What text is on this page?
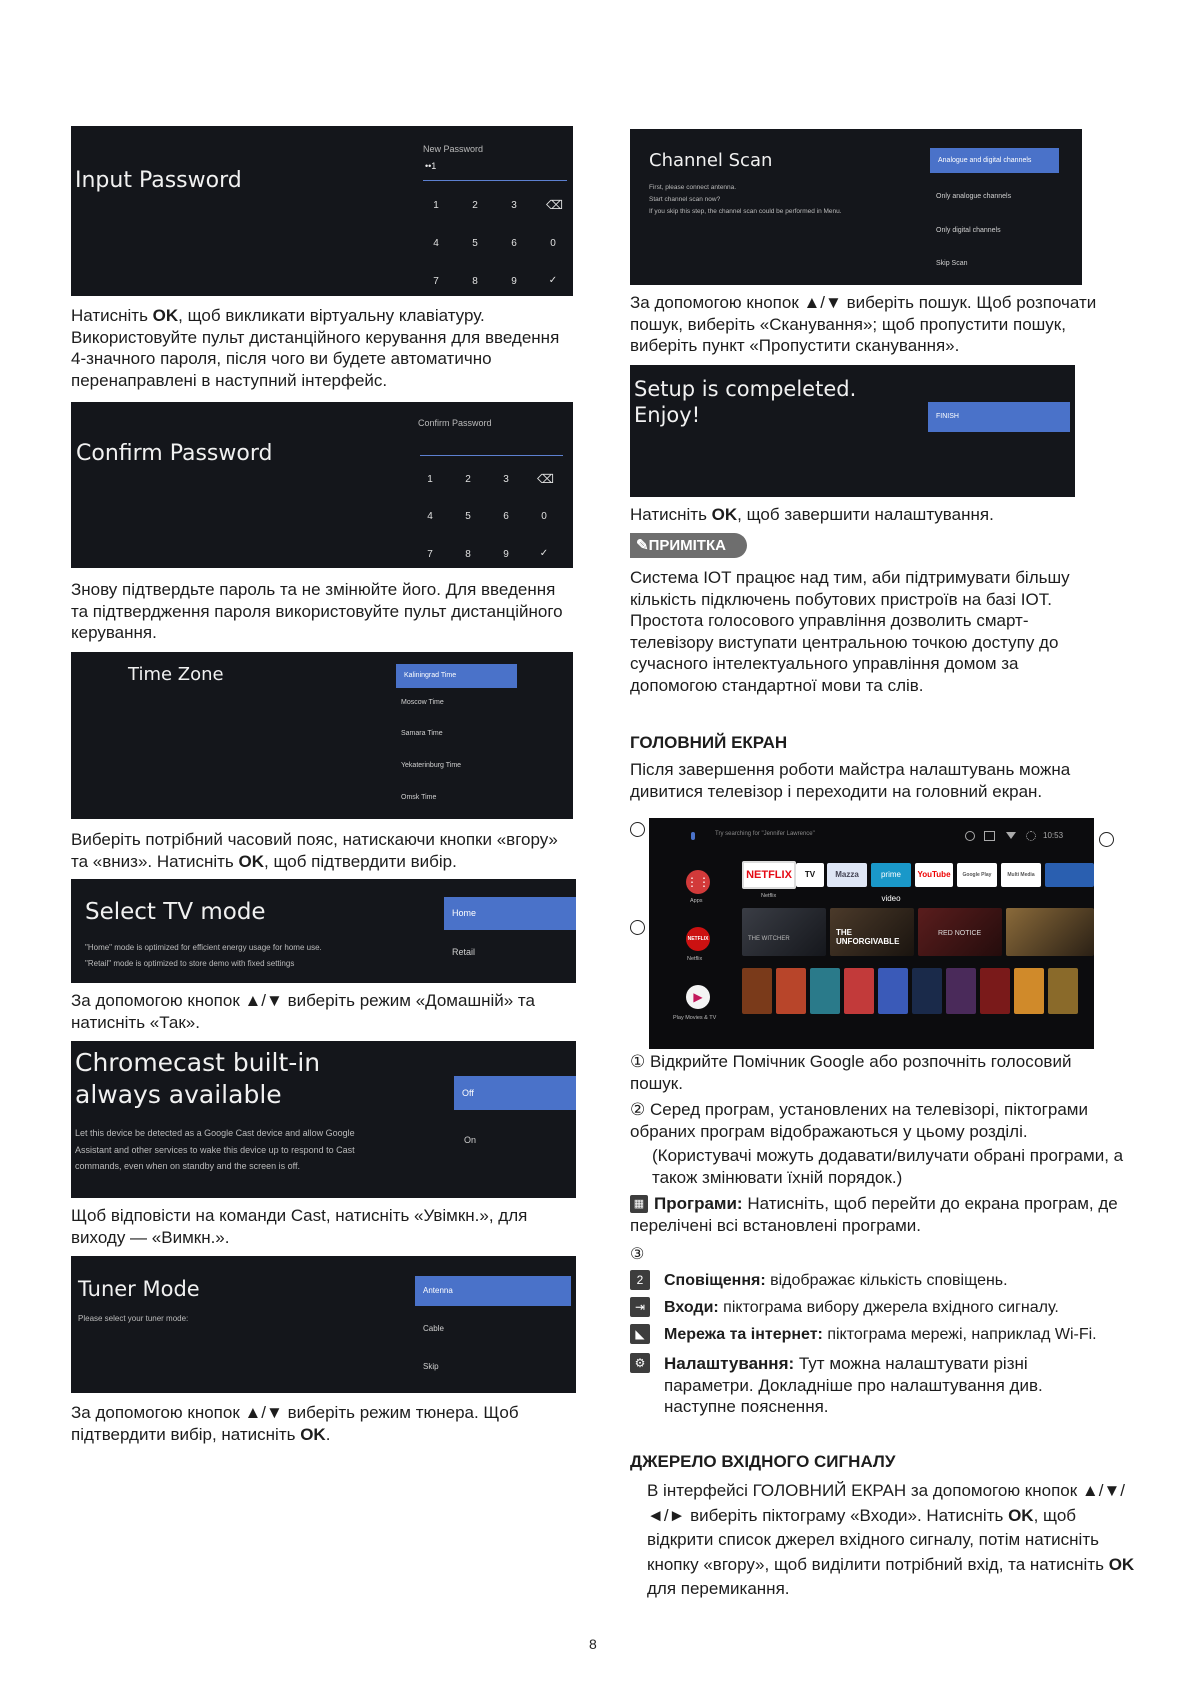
Input Password
New Password
••1
1	2	3	⌫
4	5	6	0
7	8	9	✓
Натисніть OK, щоб викликати віртуальну клавіатуру. Використовуйте пульт дистанційного керування для введення 4-значного пароля, після чого ви будете автоматично перенаправлені в наступний інтерфейс.
Confirm Password
Confirm Password
1	2	3	⌫
4	5	6	0
7	8	9	✓
Знову підтвердьте пароль та не змінюйте його. Для введення та підтвердження пароля використовуйте пульт дистанційного керування.
Time Zone	Kaliningrad Time
Moscow Time
Samara Time
Yekaterinburg Time
Omsk Time
Виберіть потрібний часовий пояс, натискаючи кнопки «вгору» та «вниз». Натисніть OK, щоб підтвердити вибір.
Select TV mode
"Home" mode is optimized for efficient energy usage for home use.
"Retail" mode is optimized to store demo with fixed settings
Home
Retail
За допомогою кнопок ▲/▼ виберіть режим «Домашній» та натисніть «Так».
Chromecast built-in
always available
Let this device be detected as a Google Cast device and allow Google Assistant and other services to wake this device up to respond to Cast commands, even when on standby and the screen is off.
Off
On
Щоб відповісти на команди Cast, натисніть «Увімкн.», для виходу — «Вимкн.».
Tuner Mode
Please select your tuner mode:
Antenna
Cable
Skip
За допомогою кнопок ▲/▼ виберіть режим тюнера. Щоб підтвердити вибір, натисніть OK.
Channel Scan
First, please connect antenna.
Start channel scan now?
If you skip this step, the channel scan could be performed in Menu.
Analogue and digital channels
Only analogue channels
Only digital channels
Skip Scan
За допомогою кнопок ▲/▼ виберіть пошук. Щоб розпочати пошук, виберіть «Сканування»; щоб пропустити пошук, виберіть пункт «Пропустити сканування».
Setup is compeleted.
Enjoy!	FINISH
Натисніть OK, щоб завершити налаштування.
✎ПРИМІТКА
Система IOT працює над тим, аби підтримувати більшу кількість підключень побутових пристроїв на базі IOT. Простота голосового управління дозволить смарт-телевізору виступати центральною точкою доступу до сучасного інтелектуального управління домом за допомогою стандартної мови та слів.
ГОЛОВНИЙ ЕКРАН
Після завершення роботи майстра налаштувань можна дивитися телевізор і переходити на головний екран.
Try searching for "Jennifer Lawrence"	10:53
⋮⋮
Apps
NETFLIX
Netflix
▶
Play Movies & TV
NETFLIX
Netflix
TV	Mazza	prime video
YouTube	Google Play	Multi Media
THE WITCHER
THE UNFORGIVABLE
RED NOTICE
① Відкрийте Помічник Google або розпочніть голосовий пошук.
② Серед програм, установлених на телевізорі, піктограми обраних програм відображаються у цьому розділі.
(Користувачі можуть додавати/вилучати обрані програми, а також змінювати їхній порядок.)
▦ Програми: Натисніть, щоб перейти до екрана програм, де перелічені всі встановлені програми.
③
2	Сповіщення: відображає кількість сповіщень.
⇥	Входи: піктограма вибору джерела вхідного сигналу.
◣	Мережа та інтернет: піктограма мережі, наприклад Wi-Fi.
⚙ Налаштування: Тут можна налаштувати різні параметри. Докладніше про налаштування див. наступне пояснення.
ДЖЕРЕЛО ВХІДНОГО СИГНАЛУ
В інтерфейсі ГОЛОВНИЙ ЕКРАН за допомогою кнопок ▲/▼/◄/► виберіть піктограму «Входи». Натисніть OK, щоб відкрити список джерел вхідного сигналу, потім натисніть кнопку «вгору», щоб виділити потрібний вхід, та натисніть OK для перемикання.
8
